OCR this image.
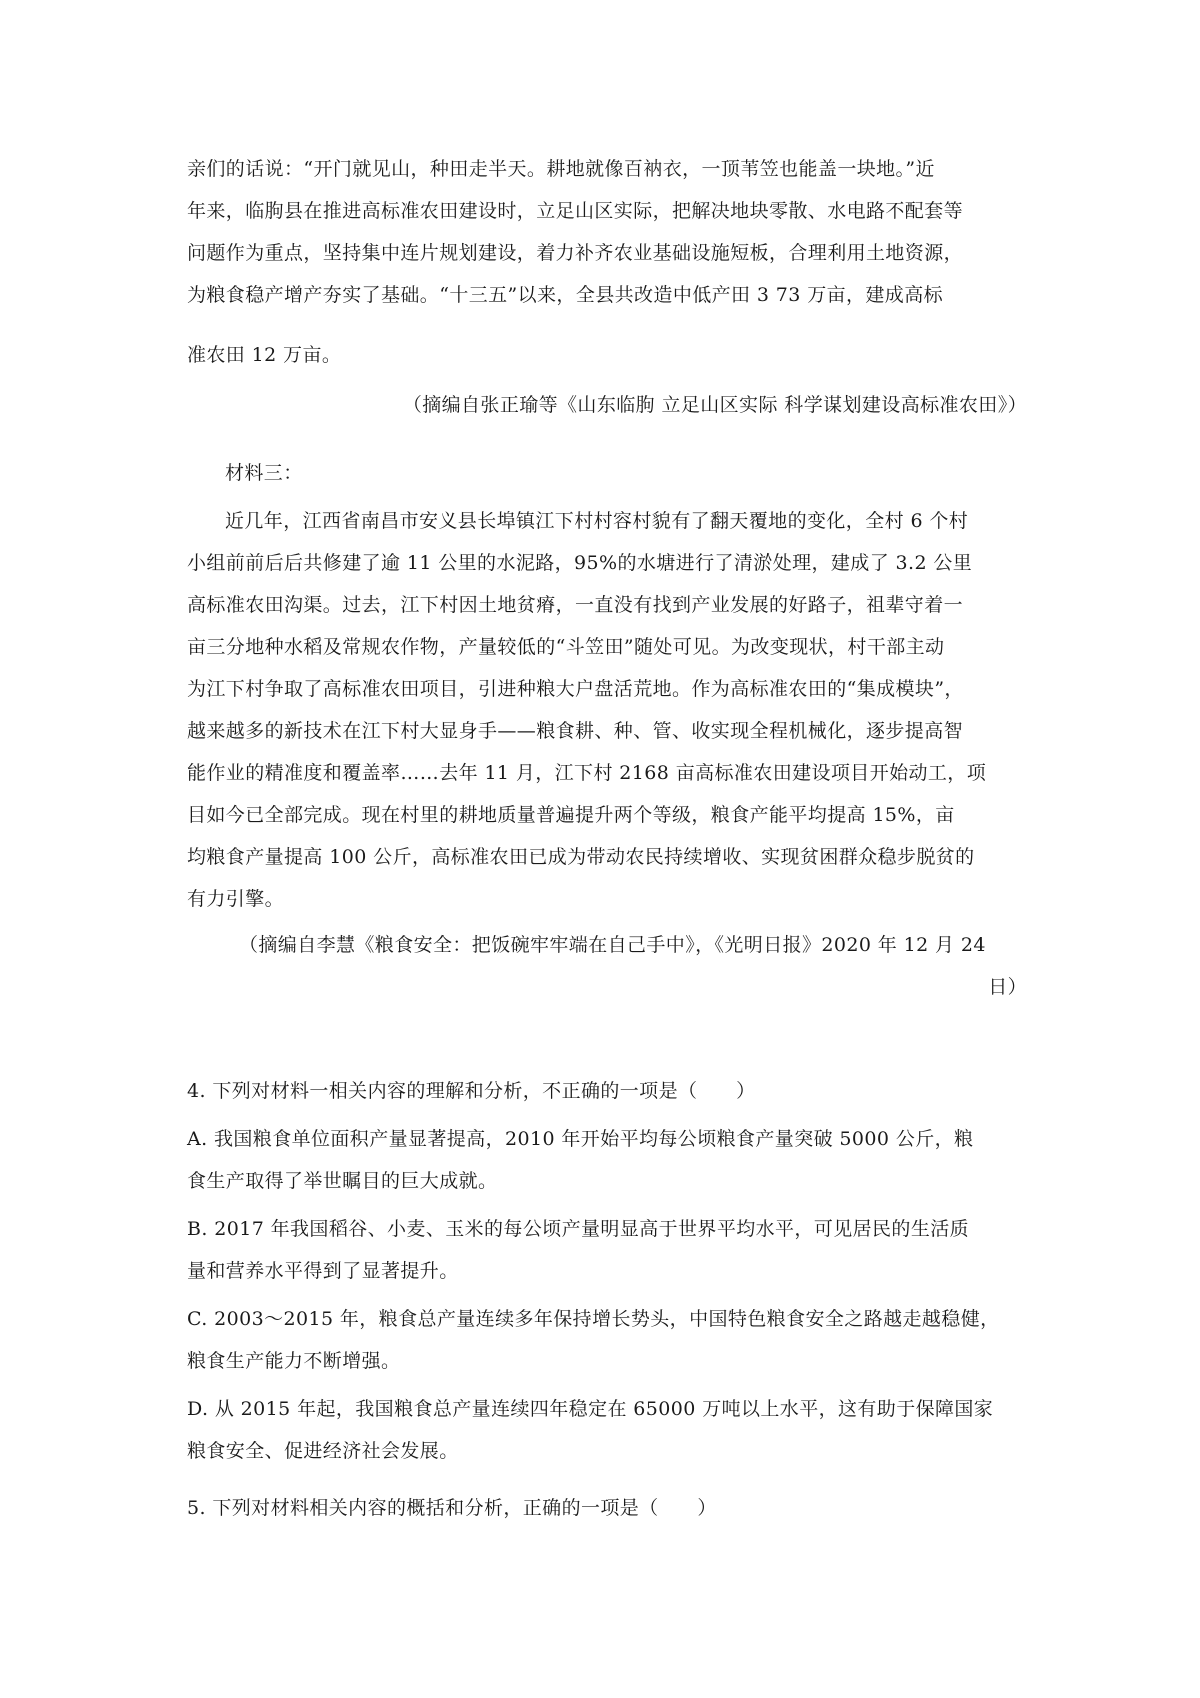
亲们的话说：“开门就见山，种田走半天。耕地就像百衲衣，一顶苇笠也能盖一块地。”近
年来，临朐县在推进高标准农田建设时，立足山区实际，把解决地块零散、水电路不配套等
问题作为重点，坚持集中连片规划建设，着力补齐农业基础设施短板，合理利用土地资源，
为粮食稳产增产夯实了基础。“十三五”以来，全县共改造中低产田 3 73 万亩，建成高标
准农田 12 万亩。

（摘编自张正瑜等《山东临朐 立足山区实际 科学谋划建设高标准农田》）

材料三：

近几年，江西省南昌市安义县长埠镇江下村村容村貌有了翻天覆地的变化，全村 6 个村
小组前前后后共修建了逾 11 公里的水泥路，95%的水塘进行了清淤处理，建成了 3.2 公里
高标准农田沟渠。过去，江下村因土地贫瘠，一直没有找到产业发展的好路子，祖辈守着一
亩三分地种水稻及常规农作物，产量较低的“斗笠田”随处可见。为改变现状，村干部主动
为江下村争取了高标准农田项目，引进种粮大户盘活荒地。作为高标准农田的“集成模块”，
越来越多的新技术在江下村大显身手——粮食耕、种、管、收实现全程机械化，逐步提高智
能作业的精准度和覆盖率……去年 11 月，江下村 2168 亩高标准农田建设项目开始动工，项
目如今已全部完成。现在村里的耕地质量普遍提升两个等级，粮食产能平均提高 15%，亩
均粮食产量提高 100 公斤，高标准农田已成为带动农民持续增收、实现贫困群众稳步脱贫的
有力引擎。

（摘编自李慧《粮食安全：把饭碗牢牢端在自己手中》，《光明日报》2020 年 12 月 24
日）

4. 下列对材料一相关内容的理解和分析，不正确的一项是（　　）

A. 我国粮食单位面积产量显著提高，2010 年开始平均每公顷粮食产量突破 5000 公斤，粮
食生产取得了举世瞩目的巨大成就。

B. 2017 年我国稻谷、小麦、玉米的每公顷产量明显高于世界平均水平，可见居民的生活质
量和营养水平得到了显著提升。

C. 2003～2015 年，粮食总产量连续多年保持增长势头，中国特色粮食安全之路越走越稳健，
粮食生产能力不断增强。

D. 从 2015 年起，我国粮食总产量连续四年稳定在 65000 万吨以上水平，这有助于保障国家
粮食安全、促进经济社会发展。

5. 下列对材料相关内容的概括和分析，正确的一项是（　　）
